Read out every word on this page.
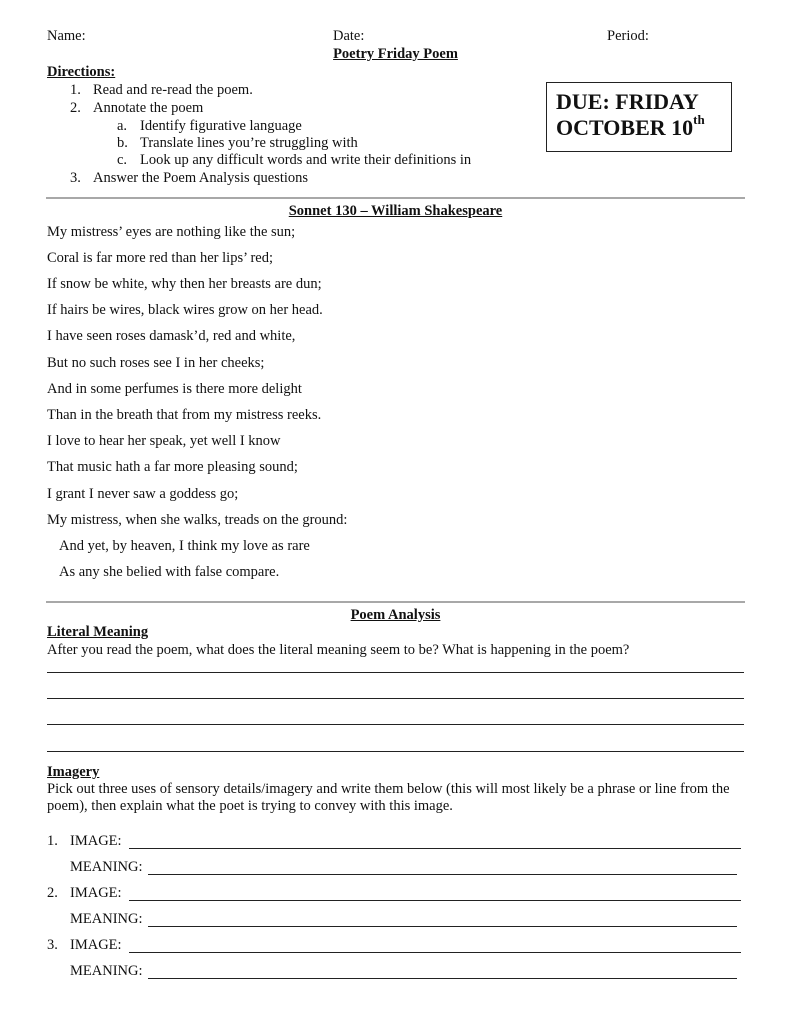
Name:	Date:	Period:
Poetry Friday Poem
Directions:
1. Read and re-read the poem.
2. Annotate the poem
a. Identify figurative language
b. Translate lines you’re struggling with
c. Look up any difficult words and write their definitions in
3. Answer the Poem Analysis questions
DUE: FRIDAY
OCTOBER 10th
Sonnet 130 – William Shakespeare
My mistress’ eyes are nothing like the sun;
Coral is far more red than her lips’ red;
If snow be white, why then her breasts are dun;
If hairs be wires, black wires grow on her head.
I have seen roses damask’d, red and white,
But no such roses see I in her cheeks;
And in some perfumes is there more delight
Than in the breath that from my mistress reeks.
I love to hear her speak, yet well I know
That music hath a far more pleasing sound;
I grant I never saw a goddess go;
My mistress, when she walks, treads on the ground:
And yet, by heaven, I think my love as rare
As any she belied with false compare.
Poem Analysis
Literal Meaning
After you read the poem, what does the literal meaning seem to be? What is happening in the poem?
Imagery
Pick out three uses of sensory details/imagery and write them below (this will most likely be a phrase or line from the poem), then explain what the poet is trying to convey with this image.
1. IMAGE:
MEANING:
2. IMAGE:
MEANING:
3. IMAGE:
MEANING:
